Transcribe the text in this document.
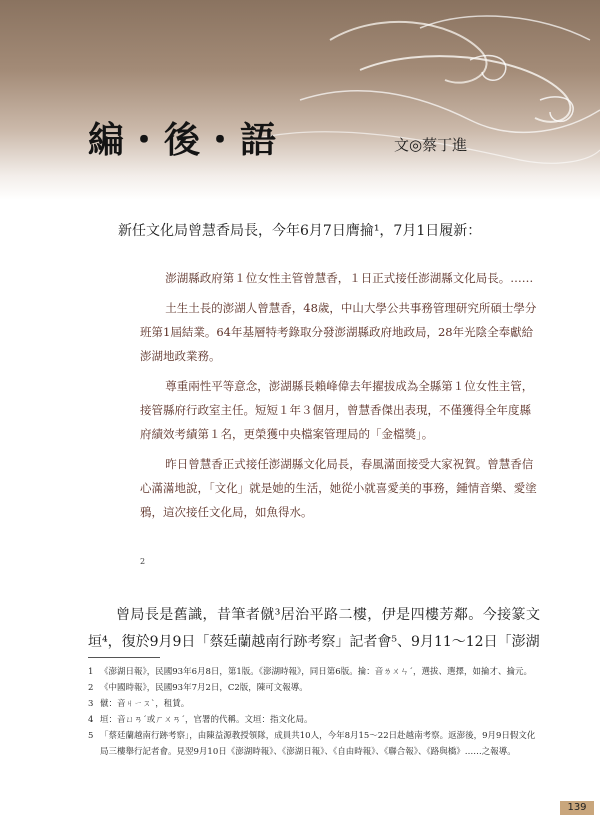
編・後・語	文◎蔡丁進
新任文化局曾慧香局長，今年6月7日膺掄¹，7月1日履新：

澎湖縣政府第１位女性主管曾慧香，１日正式接任澎湖縣文化局長。……

土生土長的澎湖人曾慧香，48歲，中山大學公共事務管理研究所碩士學分班第1屆結業。64年基層特考錄取分發澎湖縣政府地政局，28年光陰全奉獻給澎湖地政業務。

尊重兩性平等意念，澎湖縣長賴峰偉去年擢拔成為全縣第１位女性主管，接管縣府行政室主任。短短１年３個月，曾慧香傑出表現，不僅獲得全年度縣府績效考績第１名，更榮獲中央檔案管理局的「金檔獎」。

昨日曾慧香正式接任澎湖縣文化局長，春風滿面接受大家祝賀。曾慧香信心滿滿地說，「文化」就是她的生活，她從小就喜愛美的事務，鍾情音樂、愛塗鴉，這次接任文化局，如魚得水。

2

曾局長是舊識，昔筆者僦³居治平路二樓，伊是四樓芳鄰。今接篆文垣⁴，復於9月9日「蔡廷蘭越南行跡考察」記者會⁵、9月11～12日「澎湖

1 《澎湖日報》，民國93年6月8日，第1版。《澎湖時報》，同日第6版。掄：音ㄌㄨㄣˊ，選拔、選擇，如掄才、掄元。
2 《中國時報》，民國93年7月2日，C2版，陳可文報導。
3 僦：音ㄐㄧㄡˋ，租賃。
4 垣：音ㄩㄢˊ或ㄏㄨㄢˊ，官署的代稱。文垣：指文化局。
5 「蔡廷蘭越南行跡考察」，由陳益源教授領隊，成員共10人，今年8月15～22日赴越南考察。返澎後，9月9日假文化局三樓舉行記者會。見翌9月10日《澎湖時報》、《澎湖日報》、《自由時報》、《聯合報》、《路與橋》……之報導。
139
